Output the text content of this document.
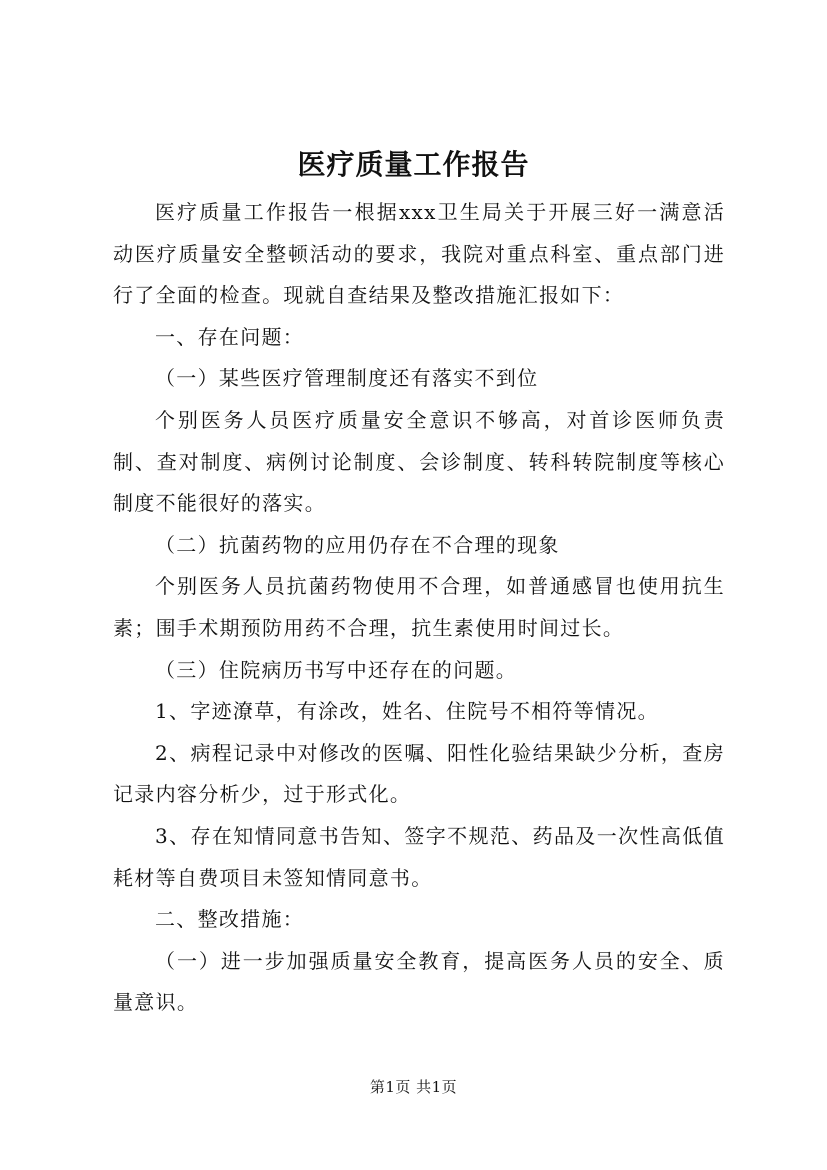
医疗质量工作报告

医疗质量工作报告一根据xxx卫生局关于开展三好一满意活动医疗质量安全整顿活动的要求，我院对重点科室、重点部门进行了全面的检查。现就自查结果及整改措施汇报如下：

一、存在问题：

（一）某些医疗管理制度还有落实不到位

个别医务人员医疗质量安全意识不够高，对首诊医师负责制、查对制度、病例讨论制度、会诊制度、转科转院制度等核心制度不能很好的落实。

（二）抗菌药物的应用仍存在不合理的现象

个别医务人员抗菌药物使用不合理，如普通感冒也使用抗生素；围手术期预防用药不合理，抗生素使用时间过长。

（三）住院病历书写中还存在的问题。

1、字迹潦草，有涂改，姓名、住院号不相符等情况。

2、病程记录中对修改的医嘱、阳性化验结果缺少分析，查房记录内容分析少，过于形式化。

3、存在知情同意书告知、签字不规范、药品及一次性高低值耗材等自费项目未签知情同意书。

二、整改措施：

（一）进一步加强质量安全教育，提高医务人员的安全、质量意识。

第1页 共1页
